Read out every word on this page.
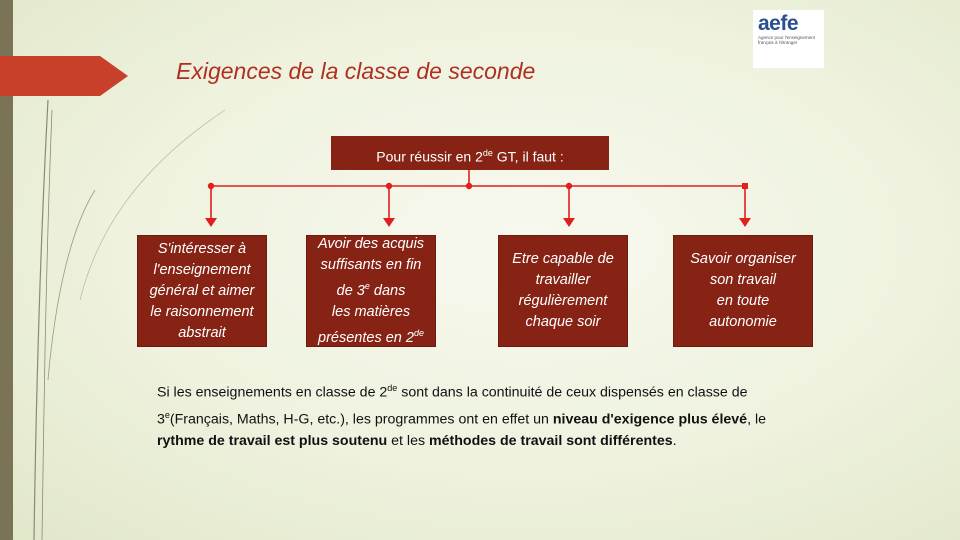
Exigences de la classe de seconde
aefe
Agence pour l'enseignement français à l'étranger
Pour réussir en 2de GT, il faut :
S'intéresser à
l'enseignement
général et aimer
le raisonnement
abstrait
Avoir des acquis
suffisants en fin
de 3e dans
les matières
présentes en 2de
Etre capable de
travailler
régulièrement
chaque soir
Savoir organiser
son travail
en toute
autonomie
Si les enseignements en classe de 2de sont dans la continuité de ceux dispensés en classe de 3e(Français, Maths, H-G, etc.), les programmes ont en effet un niveau d'exigence plus élevé, le rythme de travail est plus soutenu et les méthodes de travail sont différentes.
